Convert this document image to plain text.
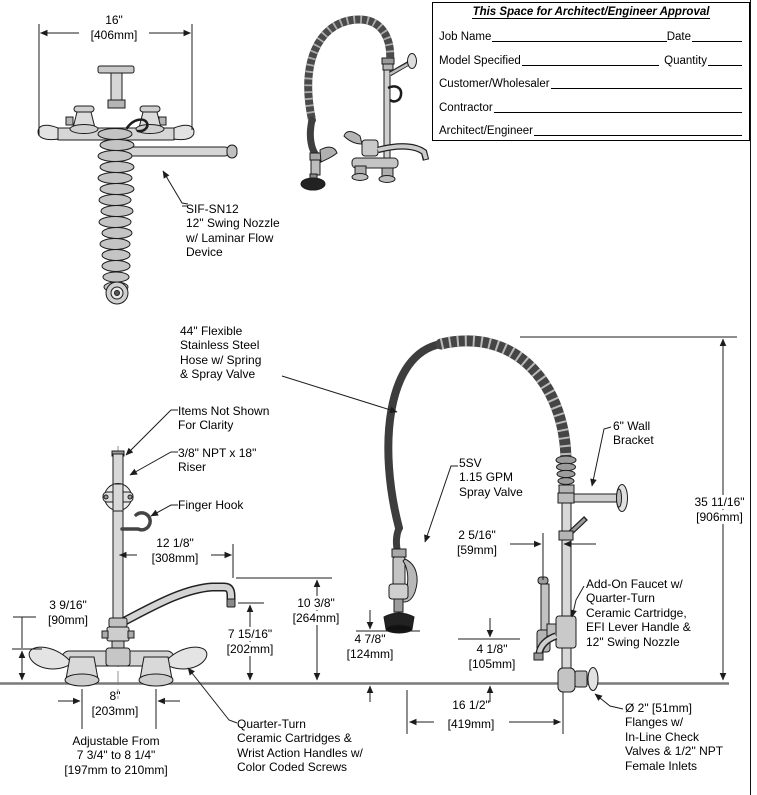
This Space for Architect/Engineer Approval
Job Name	Date
Model Specified	Quantity
Customer/Wholesaler
Contractor
Architect/Engineer
16"
[406mm]
SIF-SN12
12" Swing Nozzle
w/ Laminar Flow
Device
44" Flexible
Stainless Steel
Hose w/ Spring
& Spray Valve
Items Not Shown
For Clarity
3/8" NPT x 18"
Riser
Finger Hook
Quarter-Turn
Ceramic Cartridges &
Wrist Action Handles w/
Color Coded Screws
Adjustable From
7 3/4" to 8 1/4"
[197mm to 210mm]
3 9/16"
[90mm]
8"
[203mm]
12 1/8"
[308mm]
7 15/16"
[202mm]
10 3/8"
[264mm]
5SV
1.15 GPM
Spray Valve
6" Wall
Bracket
Add-On Faucet w/
Quarter-Turn
Ceramic Cartridge,
EFI Lever Handle &
12" Swing Nozzle
Ø 2" [51mm]
Flanges w/
In-Line Check
Valves & 1/2" NPT
Female Inlets
35 11/16"
[906mm]
2 5/16"
[59mm]
4 7/8"
[124mm]	4 1/8"
[105mm]
16 1/2"
[419mm]
